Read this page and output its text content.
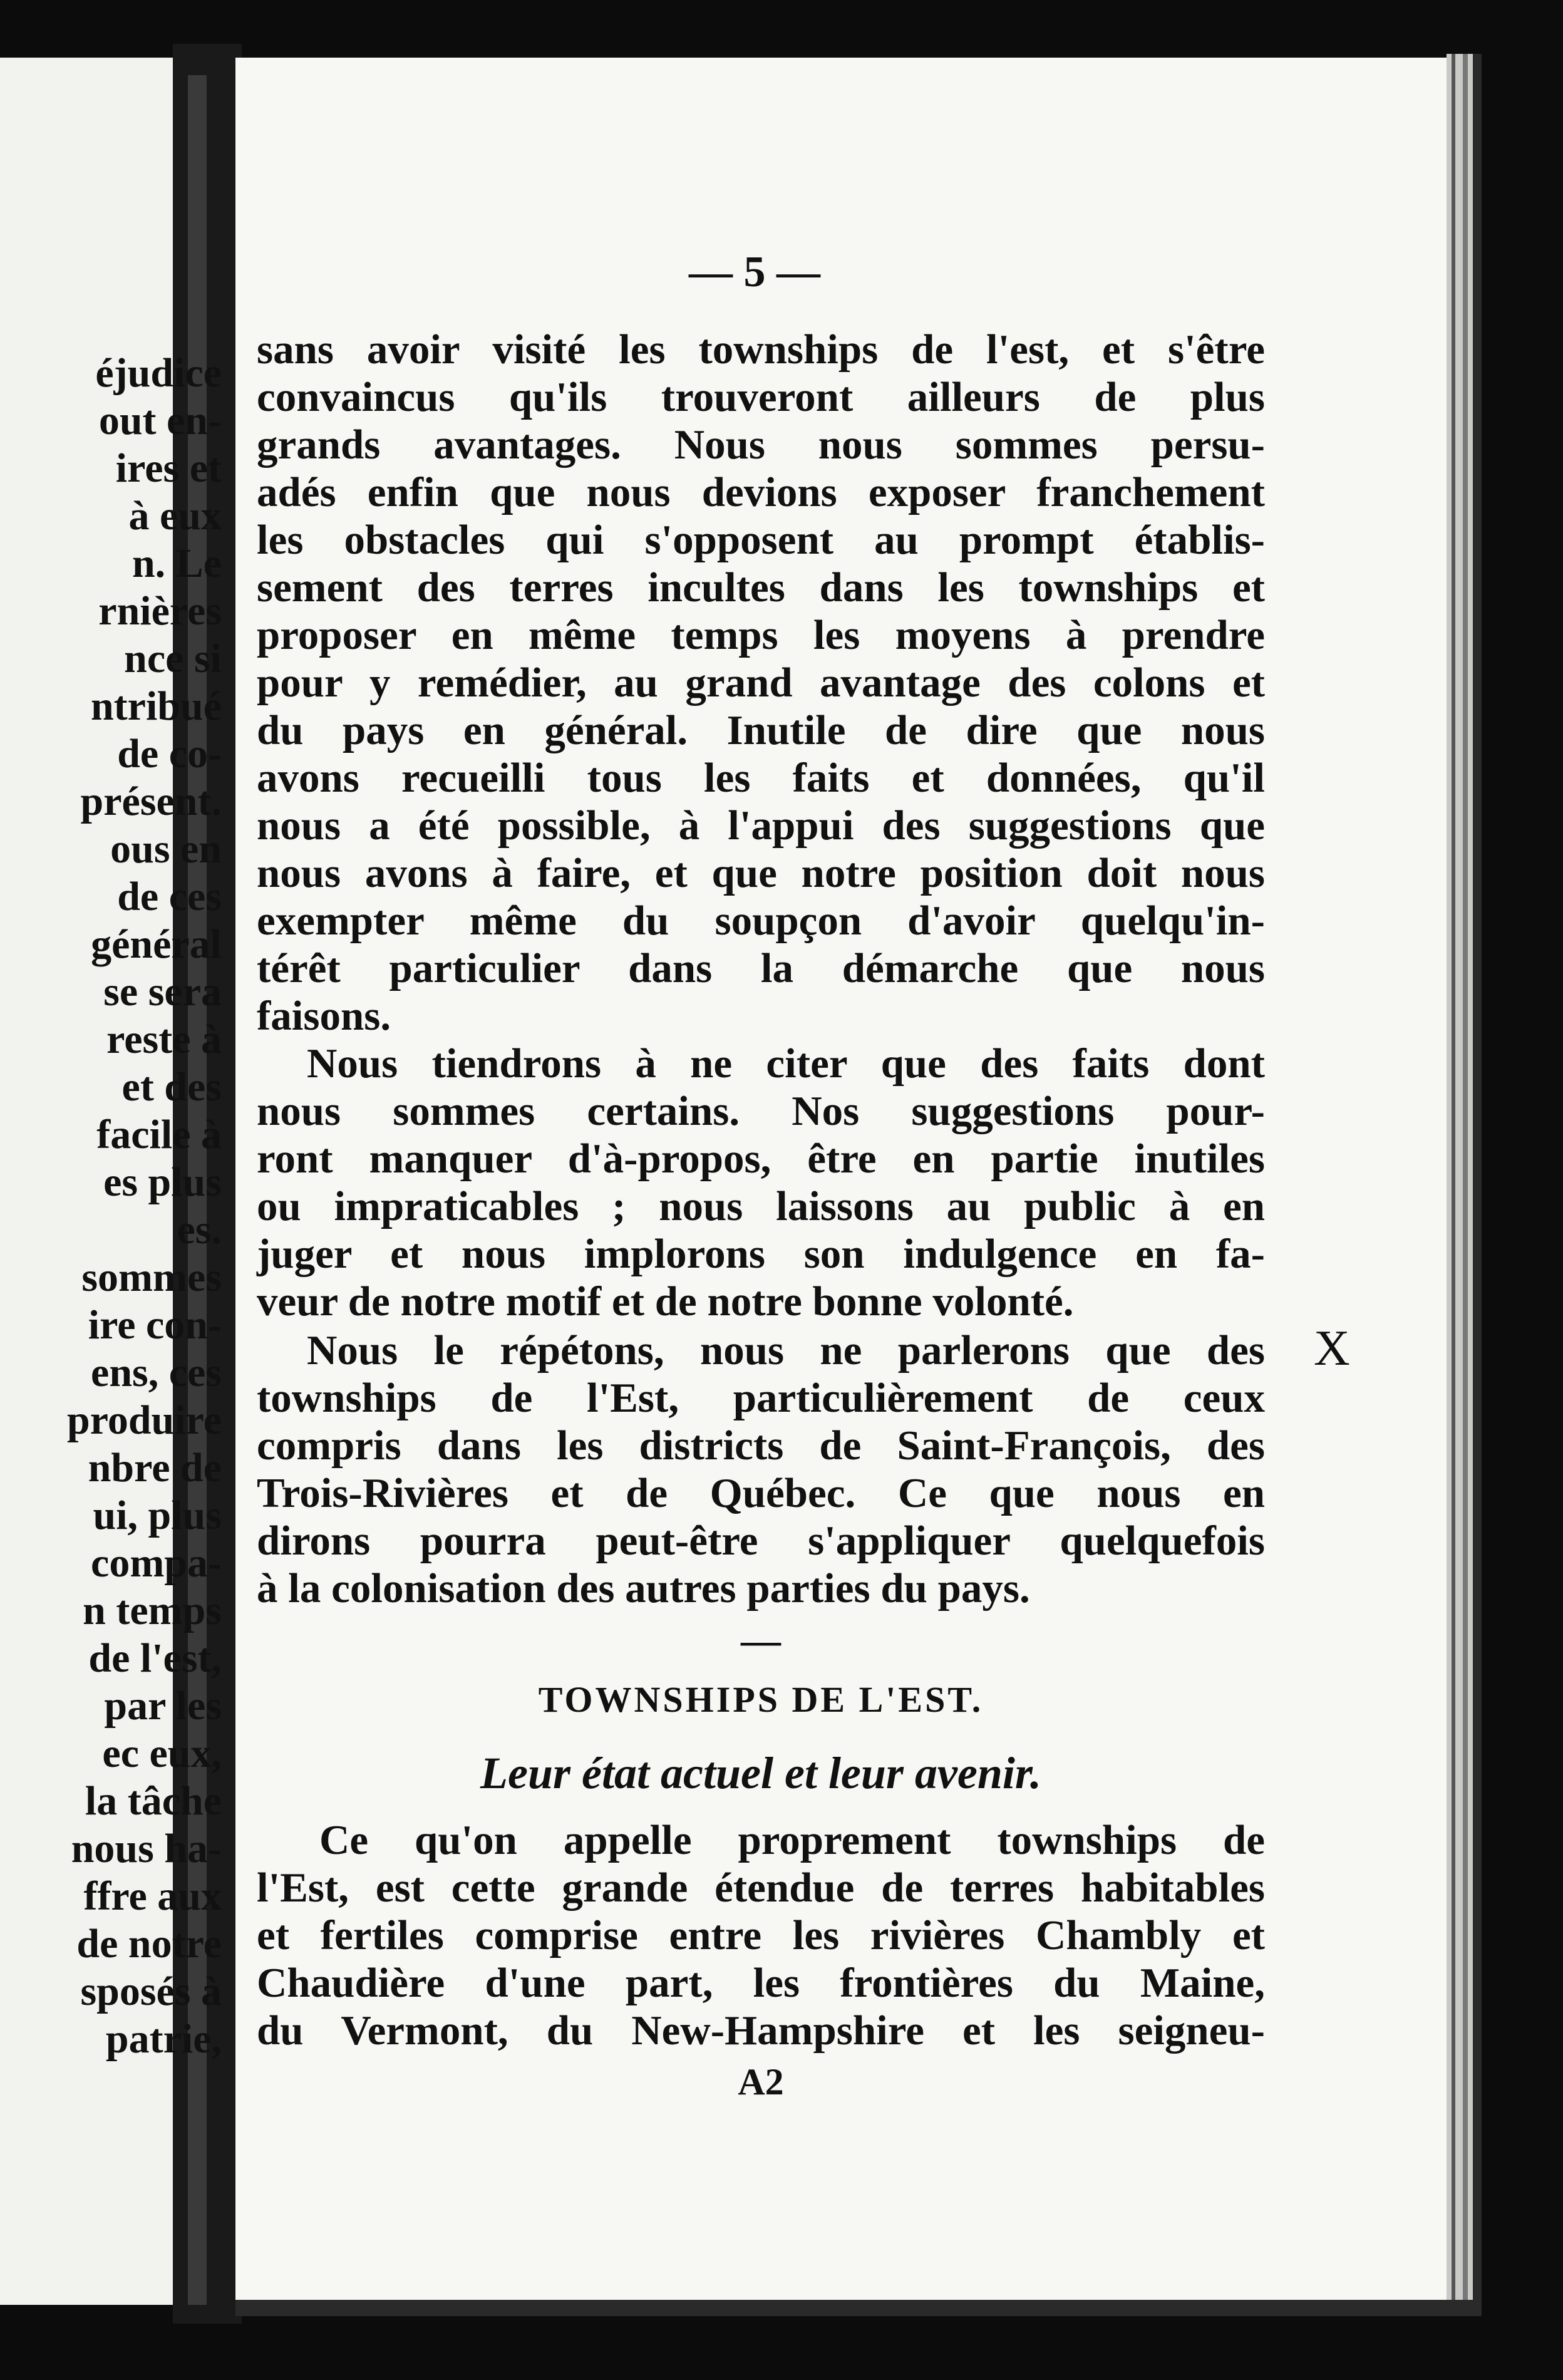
éjudice
out en-
ires et
à eux
n. Le
rnières
nce si
ntribué
de co-
présent.
ous en
de ces
général
se sera
reste à
et des
facile à
es plus
es.
sommes
ire con-
ens, ces
produire
nbre de
ui, plus
compa-
n temps
de l'est,
par les
ec eux,
la tâche
nous ha-
ffre aux
de notre
sposés à
patrie,
— 5 —
sans avoir visité les townships de l'est, et s'être
convaincus qu'ils trouveront ailleurs de plus
grands avantages. Nous nous sommes persu-
adés enfin que nous devions exposer franchement
les obstacles qui s'opposent au prompt établis-
sement des terres incultes dans les townships et
proposer en même temps les moyens à prendre
pour y remédier, au grand avantage des colons et
du pays en général. Inutile de dire que nous
avons recueilli tous les faits et données, qu'il
nous a été possible, à l'appui des suggestions que
nous avons à faire, et que notre position doit nous
exempter même du soupçon d'avoir quelqu'in-
térêt particulier dans la démarche que nous
faisons.
Nous tiendrons à ne citer que des faits dont
nous sommes certains. Nos suggestions pour-
ront manquer d'à-propos, être en partie inutiles
ou impraticables ; nous laissons au public à en
juger et nous implorons son indulgence en fa-
veur de notre motif et de notre bonne volonté.
Nous le répétons, nous ne parlerons que des
townships de l'Est, particulièrement de ceux
compris dans les districts de Saint-François, des
Trois-Rivières et de Québec. Ce que nous en
dirons pourra peut-être s'appliquer quelquefois
à la colonisation des autres parties du pays.
—
TOWNSHIPS DE L'EST.
Leur état actuel et leur avenir.
Ce qu'on appelle proprement townships de
l'Est, est cette grande étendue de terres habitables
et fertiles comprise entre les rivières Chambly et
Chaudière d'une part, les frontières du Maine,
du Vermont, du New-Hampshire et les seigneu-
A2
X
